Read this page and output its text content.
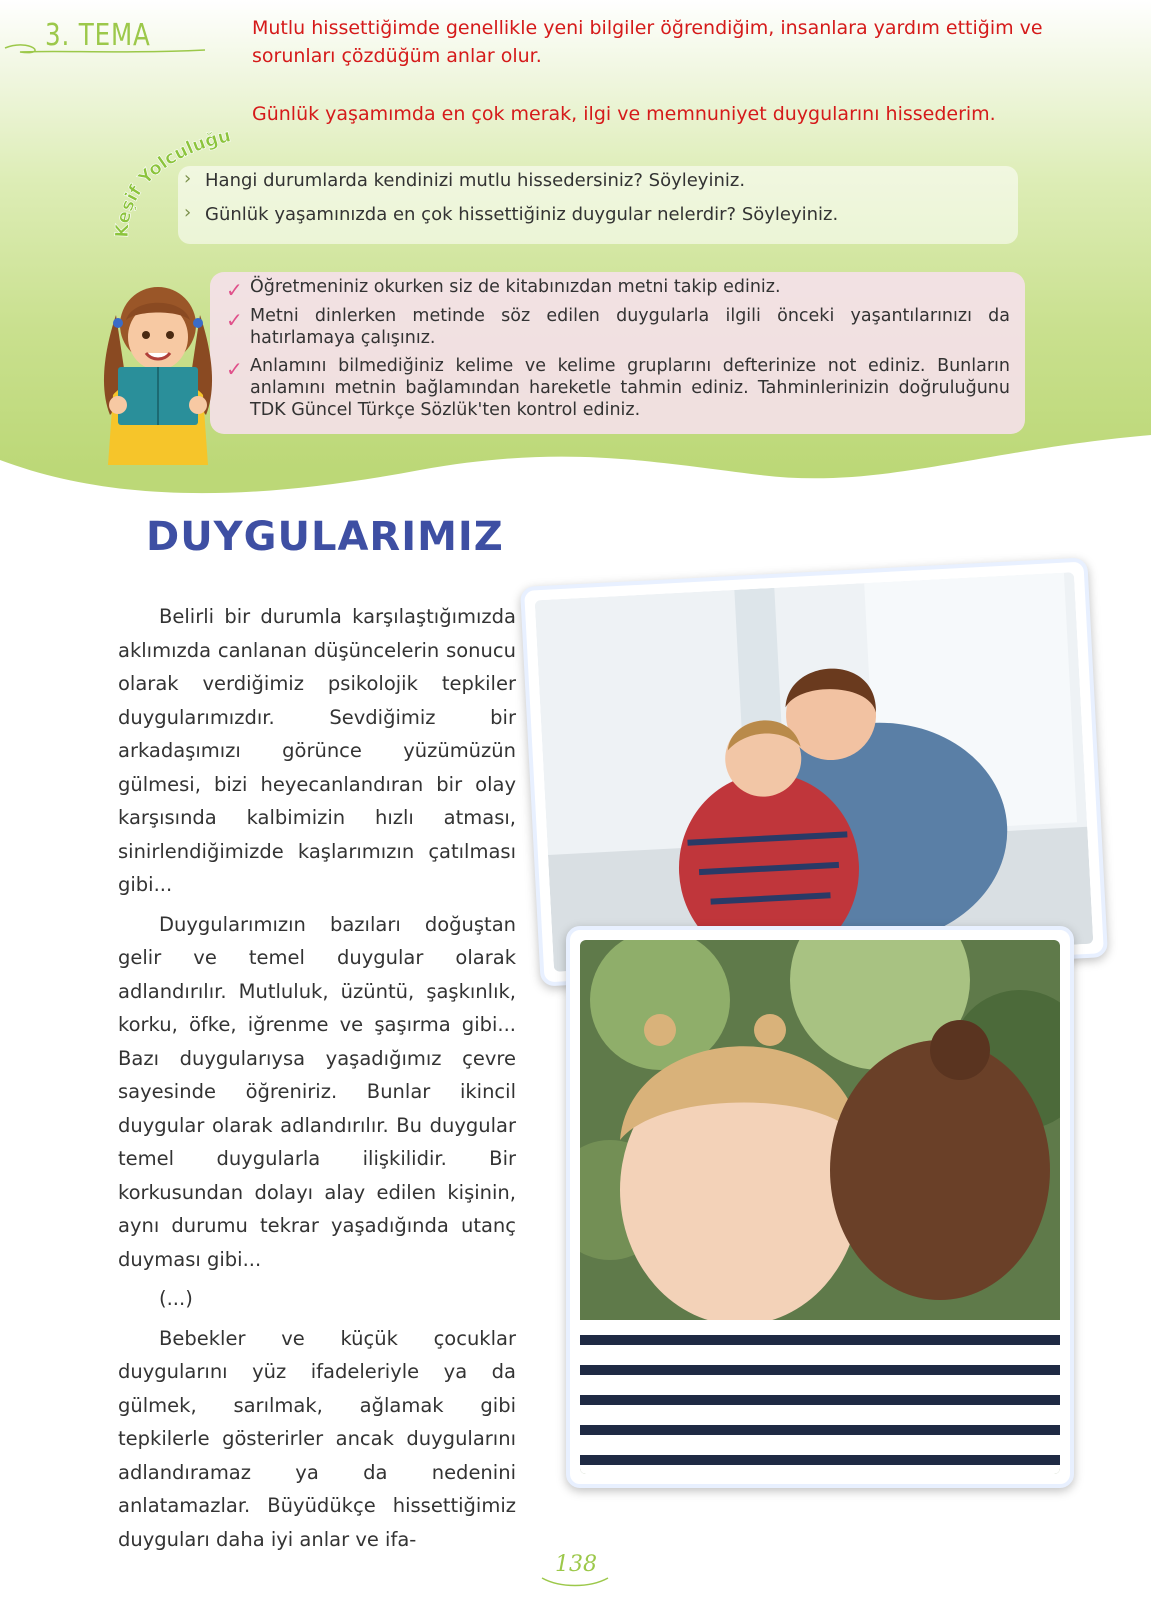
3. TEMA	Mutlu hissettiğimde genellikle yeni bilgiler öğrendiğim, insanlara yardım ettiğim ve sorunları çözdüğüm anlar olur.
Günlük yaşamımda en çok merak, ilgi ve memnuniyet duygularını hissederim.
Keşif Yolculuğu
› Hangi durumlarda kendinizi mutlu hissedersiniz? Söyleyiniz.
› Günlük yaşamınızda en çok hissettiğiniz duygular nelerdir? Söyleyiniz.
✓ Öğretmeniniz okurken siz de kitabınızdan metni takip ediniz.
✓ Metni dinlerken metinde söz edilen duygularla ilgili önceki yaşantılarınızı da hatırlamaya çalışınız.
✓ Anlamını bilmediğiniz kelime ve kelime gruplarını defterinize not ediniz. Bunların anlamını metnin bağlamından hareketle tahmin ediniz. Tahminlerinizin doğruluğunu TDK Güncel Türkçe Sözlük'ten kontrol ediniz.
DUYGULARIMIZ

Belirli bir durumla karşılaştığımızda aklımızda canlanan düşüncelerin sonucu olarak verdiğimiz psikolojik tepkiler duygularımızdır. Sevdiğimiz bir arkadaşımızı görünce yüzümüzün gülmesi, bizi heyecanlandıran bir olay karşısında kalbimizin hızlı atması, sinirlendiğimizde kaşlarımızın çatılması gibi...

Duygularımızın bazıları doğuştan gelir ve temel duygular olarak adlandırılır. Mutluluk, üzüntü, şaşkınlık, korku, öfke, iğrenme ve şaşırma gibi... Bazı duygularıysa yaşadığımız çevre sayesinde öğreniriz. Bunlar ikincil duygular olarak adlandırılır. Bu duygular temel duygularla ilişkilidir. Bir korkusundan dolayı alay edilen kişinin, aynı durumu tekrar yaşadığında utanç duyması gibi...

(...)

Bebekler ve küçük çocuklar duygularını yüz ifadeleriyle ya da gülmek, sarılmak, ağlamak gibi tepkilerle gösterirler ancak duygularını adlandıramaz ya da nedenini anlatamazlar. Büyüdükçe hissettiğimiz duyguları daha iyi anlar ve ifa-

138
